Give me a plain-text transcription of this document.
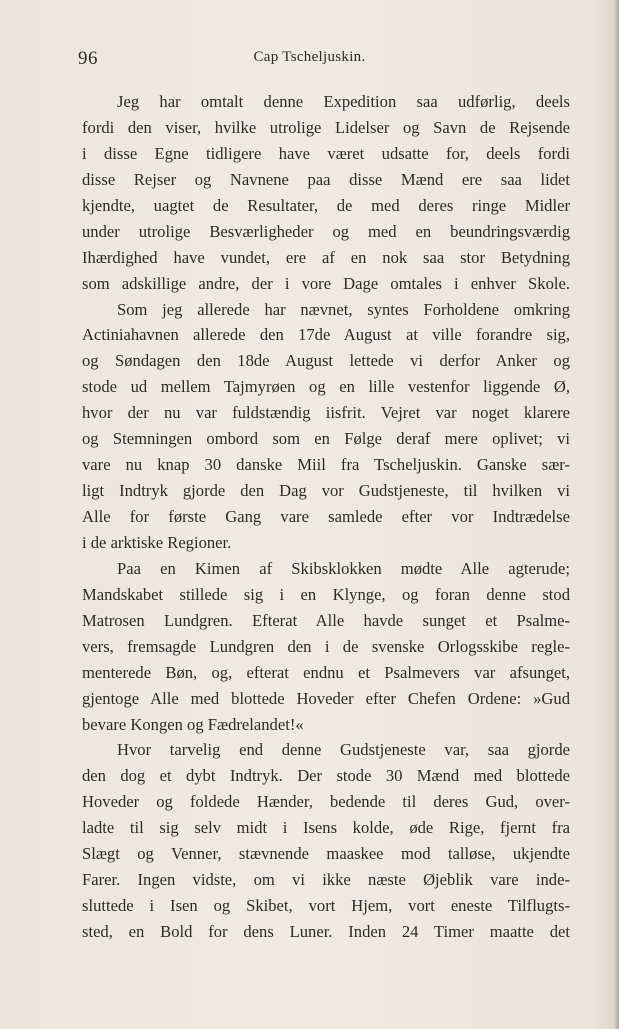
96	Cap Tscheljuskin.
Jeg har omtalt denne Expedition saa udførlig, deels
fordi den viser, hvilke utrolige Lidelser og Savn de Rejsende
i disse Egne tidligere have været udsatte for, deels fordi
disse Rejser og Navnene paa disse Mænd ere saa lidet
kjendte, uagtet de Resultater, de med deres ringe Midler
under utrolige Besværligheder og med en beundringsværdig
Ihærdighed have vundet, ere af en nok saa stor Betydning
som adskillige andre, der i vore Dage omtales i enhver Skole.
Som jeg allerede har nævnet, syntes Forholdene omkring
Actiniahavnen allerede den 17de August at ville forandre sig,
og Søndagen den 18de August lettede vi derfor Anker og
stode ud mellem Tajmyrøen og en lille vestenfor liggende Ø,
hvor der nu var fuldstændig iisfrit. Vejret var noget klarere
og Stemningen ombord som en Følge deraf mere oplivet; vi
vare nu knap 30 danske Miil fra Tscheljuskin. Ganske sær-
ligt Indtryk gjorde den Dag vor Gudstjeneste, til hvilken vi
Alle for første Gang vare samlede efter vor Indtrædelse
i de arktiske Regioner.
Paa en Kimen af Skibsklokken mødte Alle agterude;
Mandskabet stillede sig i en Klynge, og foran denne stod
Matrosen Lundgren. Efterat Alle havde sunget et Psalme-
vers, fremsagde Lundgren den i de svenske Orlogsskibe regle-
menterede Bøn, og, efterat endnu et Psalmevers var afsunget,
gjentoge Alle med blottede Hoveder efter Chefen Ordene: »Gud
bevare Kongen og Fædrelandet!«
Hvor tarvelig end denne Gudstjeneste var, saa gjorde
den dog et dybt Indtryk. Der stode 30 Mænd med blottede
Hoveder og foldede Hænder, bedende til deres Gud, over-
ladte til sig selv midt i Isens kolde, øde Rige, fjernt fra
Slægt og Venner, stævnende maaskee mod talløse, ukjendte
Farer. Ingen vidste, om vi ikke næste Øjeblik vare inde-
sluttede i Isen og Skibet, vort Hjem, vort eneste Tilflugts-
sted, en Bold for dens Luner. Inden 24 Timer maatte det
